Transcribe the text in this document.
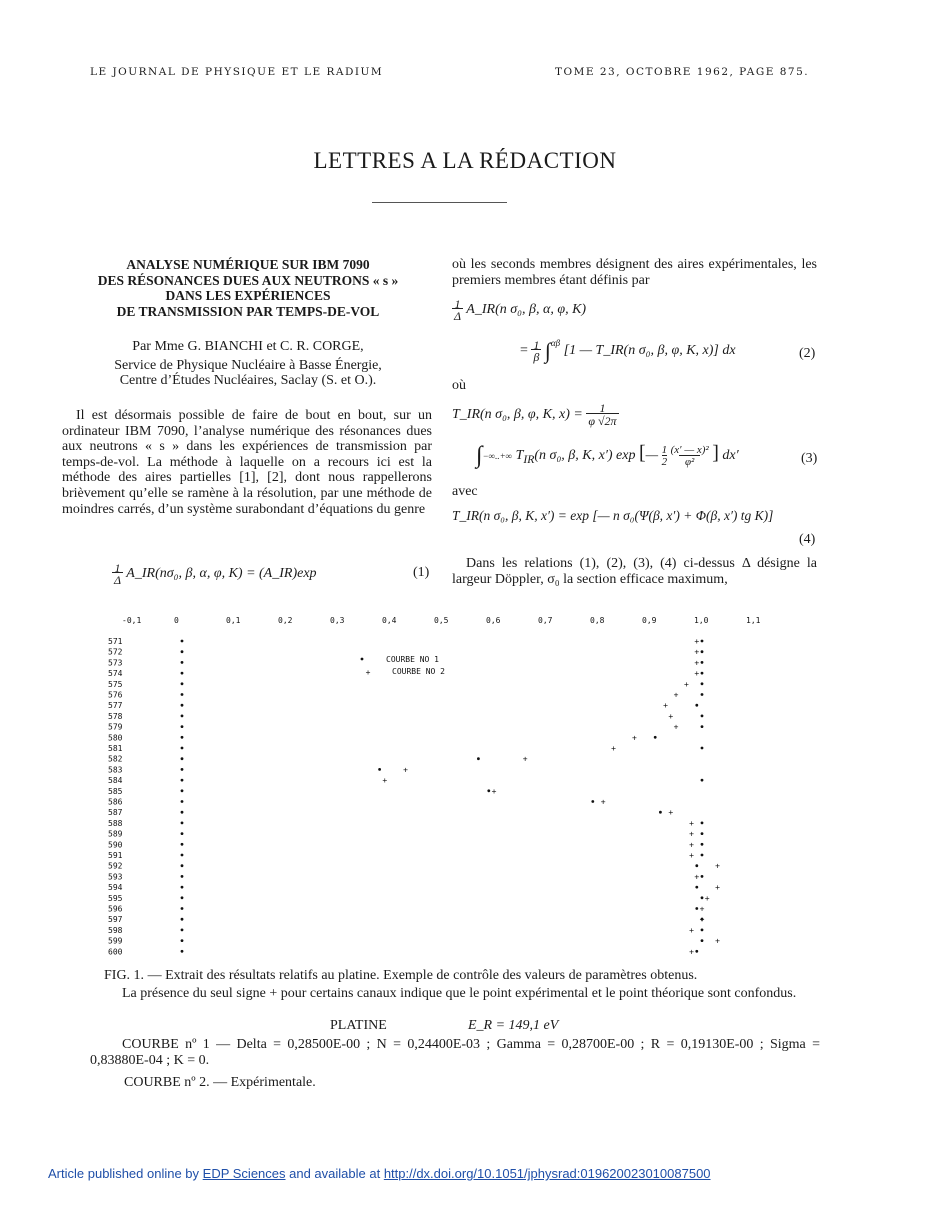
LE JOURNAL DE PHYSIQUE ET LE RADIUM	TOME 23, OCTOBRE 1962, PAGE 875.
LETTRES A LA RÉDACTION
ANALYSE NUMÉRIQUE SUR IBM 7090
DES RÉSONANCES DUES AUX NEUTRONS « s »
DANS LES EXPÉRIENCES
DE TRANSMISSION PAR TEMPS-DE-VOL
Par Mme G. BIANCHI et C. R. CORGE,
Service de Physique Nucléaire à Basse Énergie,
Centre d’Études Nucléaires, Saclay (S. et O.).
Il est désormais possible de faire de bout en bout, sur un ordinateur IBM 7090, l’analyse numérique des résonances dues aux neutrons « s » dans les expériences de transmission par temps-de-vol. La méthode à laquelle on a recours ici est la méthode des aires partielles [1], [2], dont nous rappellerons brièvement qu’elle se ramène à la résolution, par une méthode de moindres carrés, d’un système surabondant d’équations du genre
1
Δ A_IR(nσ₀, β, α, φ, K) = (A_IR)exp	(1)
où les seconds membres désignent des aires expérimentales, les premiers membres étant définis par
1
Δ A_IR(n σ₀, β, α, φ, K)
= 1
β ∫$^{\alpha\beta}$ [1 — T_IR(n σ₀, β, φ, K, x)] dx	(2)
où
T_IR(n σ₀, β, φ, K, x) = 1
φ √2π
∫−∞..+∞ $T_{IR}(n$ σ₀, β, K, x′) exp [— 1
2 (x′ — x)²
φ² ] dx′	(3)
avec
T_IR(n σ₀, β, K, x′) = exp [— n σ₀(Ψ(β, x′) + Φ(β, x′) tg K)]
(4)
Dans les relations (1), (2), (3), (4) ci-dessus Δ désigne la largeur Döppler, σ₀ la section efficace maximum,
-0,1	0	0,1	0,2	0,3	0,4	0,5	0,6	0,7	0,8	0,9	1,0	1,1
571
572
573
574
575
576
577
578
579
580
581
582
583
584
585
586
587
588
589
590
591
592
593
594
595
596
597
598
599
600
+
+
+
+
+
+
+
+
+
+
+
+
+
+
+
+
+
+
+
+
+
+
+
+
+
+
+
+
+
+
COURBE NO 1
+	COURBE NO 2
FIG. 1. — Extrait des résultats relatifs au platine. Exemple de contrôle des valeurs de paramètres obtenus.
La présence du seul signe + pour certains canaux indique que le point expérimental et le point théorique sont confondus.
PLATINE	E_R = 149,1 eV
COURBE nº 1 — Delta = 0,28500E-00 ; N = 0,24400E-03 ; Gamma = 0,28700E-00 ; R = 0,19130E-00 ; Sigma = 0,83880E-04 ; K = 0.
COURBE nº 2. — Expérimentale.
Article published online by EDP Sciences and available at http://dx.doi.org/10.1051/jphysrad:019620023010087500
